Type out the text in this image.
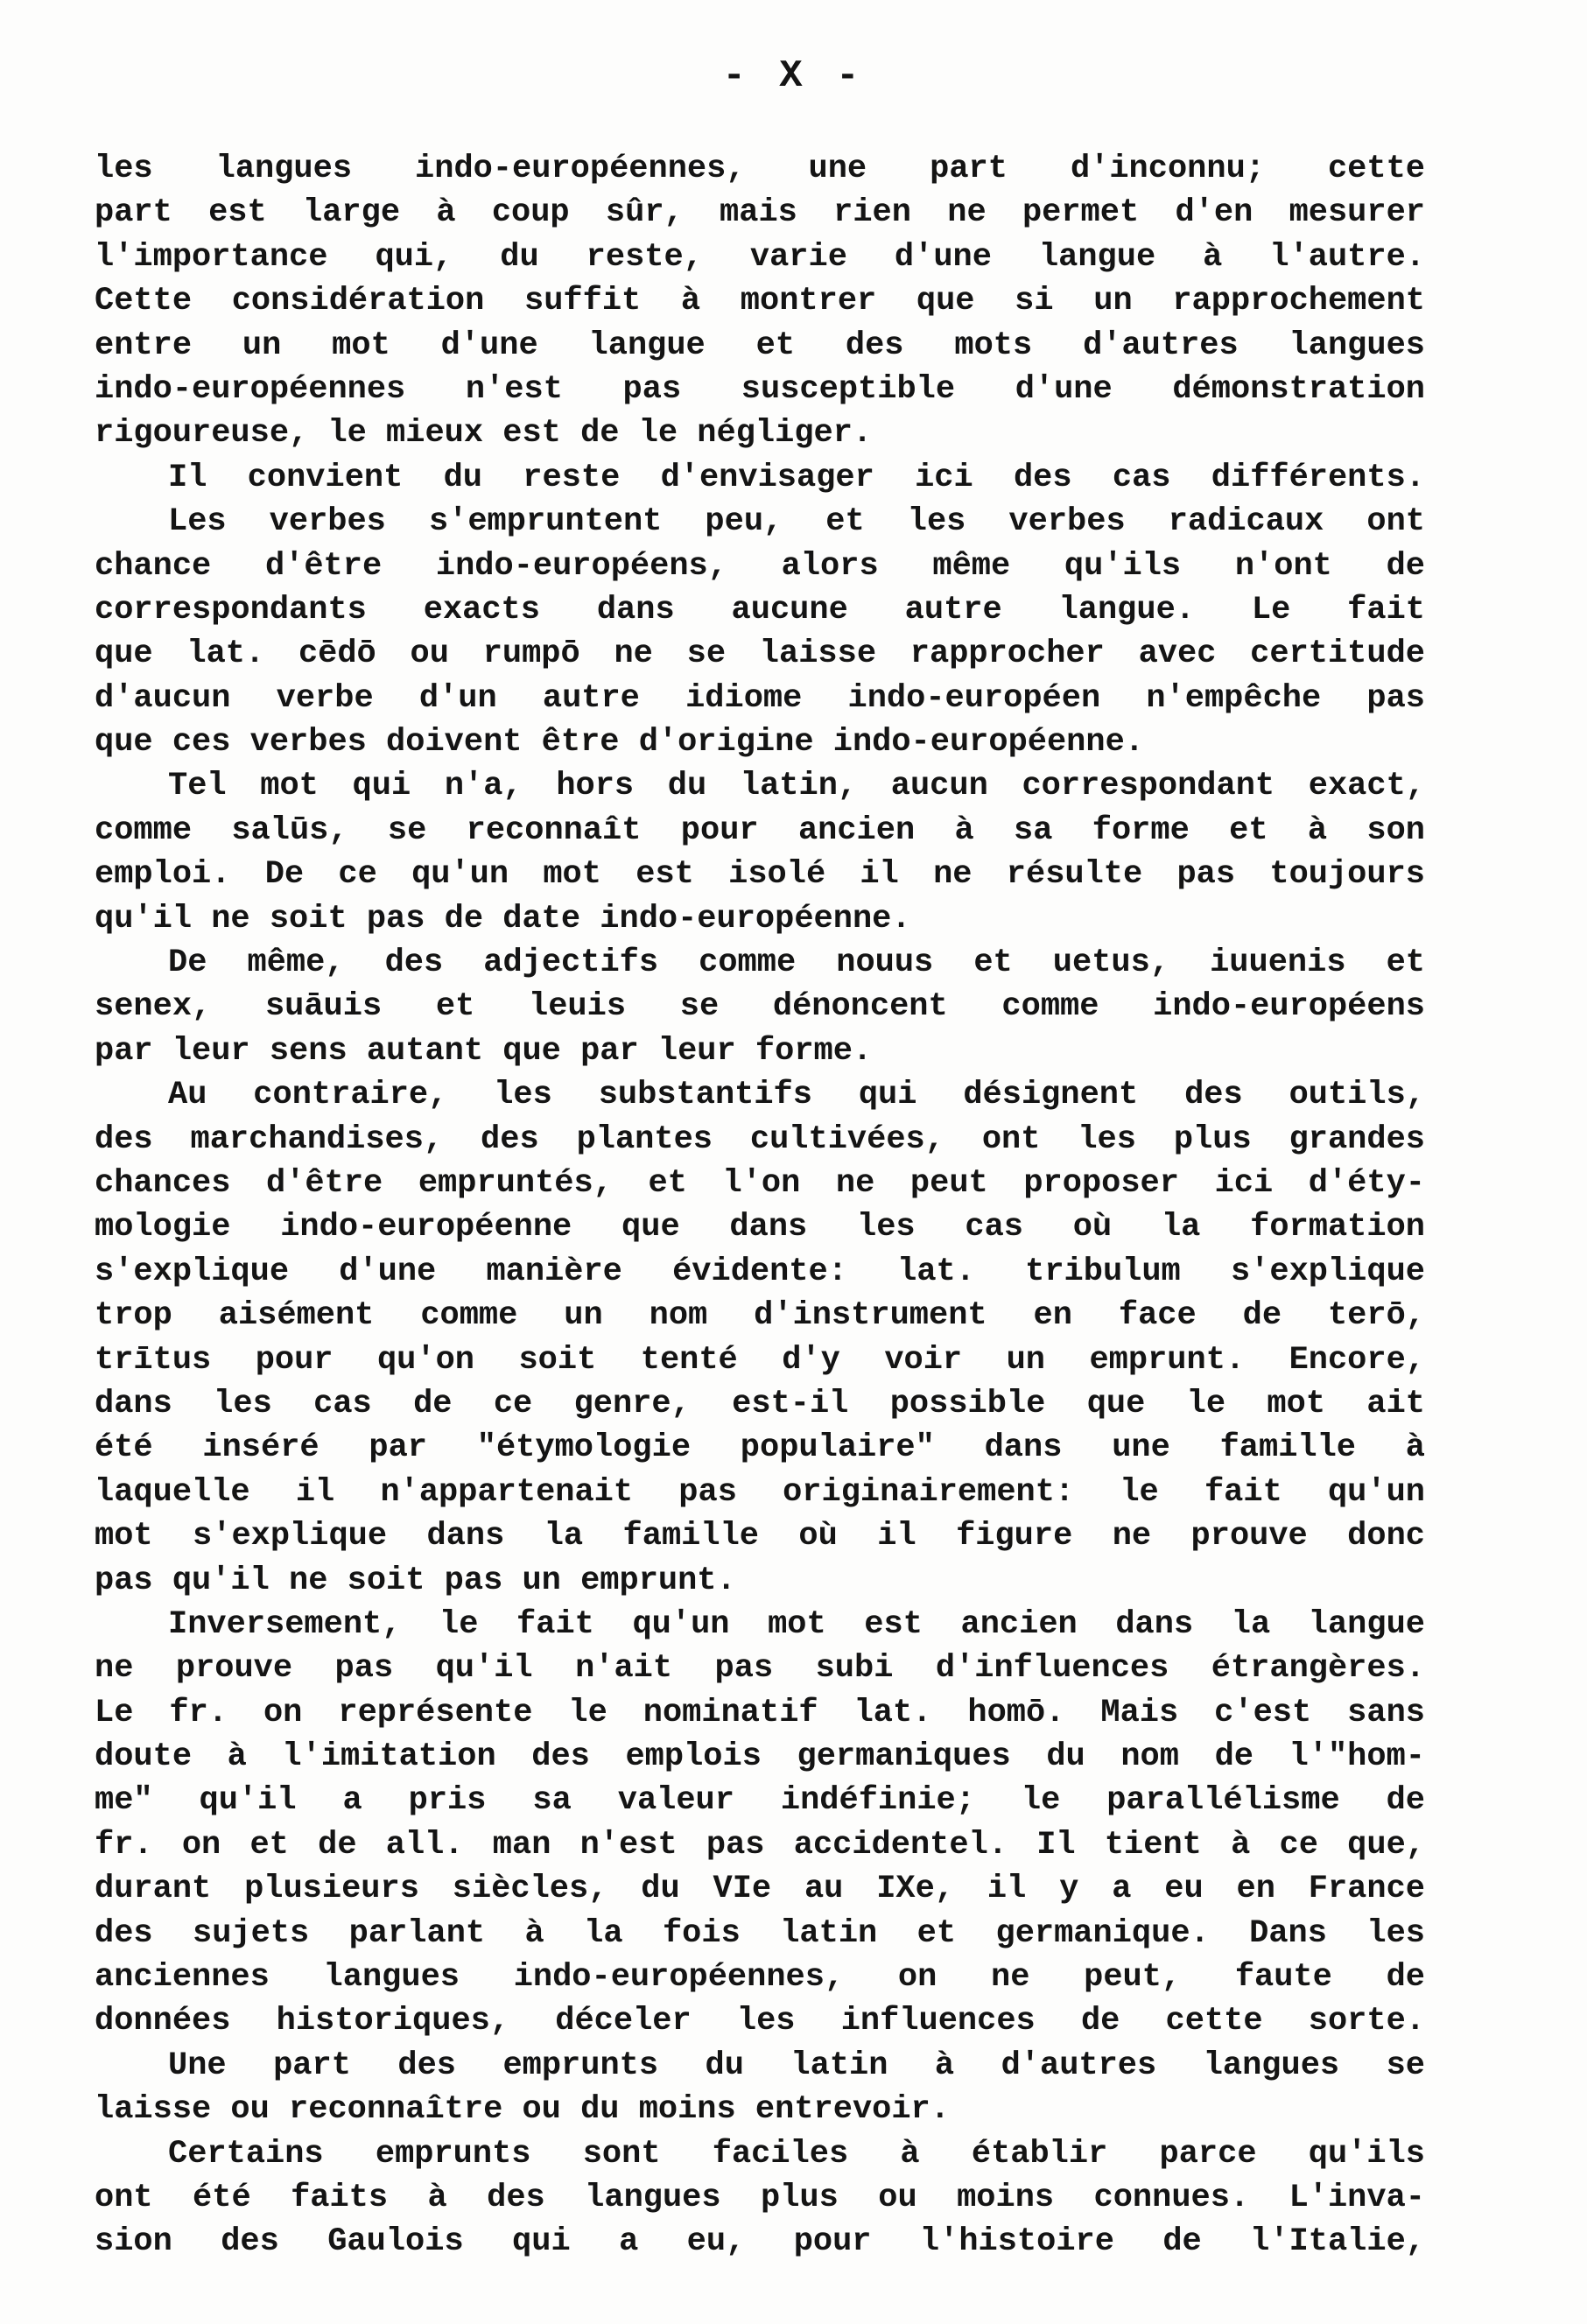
- X -
les langues indo-européennes, une part d'inconnu; cette
part est large à coup sûr, mais rien ne permet d'en mesurer
l'importance qui, du reste, varie d'une langue à l'autre.
Cette considération suffit à montrer que si un rapprochement
entre un mot d'une langue et des mots d'autres langues
indo-européennes n'est pas susceptible d'une démonstration
rigoureuse, le mieux est de le négliger.
Il convient du reste d'envisager ici des cas différents.
Les verbes s'empruntent peu, et les verbes radicaux ont
chance d'être indo-européens, alors même qu'ils n'ont de
correspondants exacts dans aucune autre langue. Le fait
que lat. cēdō ou rumpō ne se laisse rapprocher avec certitude
d'aucun verbe d'un autre idiome indo-européen n'empêche pas
que ces verbes doivent être d'origine indo-européenne.
Tel mot qui n'a, hors du latin, aucun correspondant exact,
comme salūs, se reconnaît pour ancien à sa forme et à son
emploi. De ce qu'un mot est isolé il ne résulte pas toujours
qu'il ne soit pas de date indo-européenne.
De même, des adjectifs comme nouus et uetus, iuuenis et
senex, suāuis et leuis se dénoncent comme indo-européens
par leur sens autant que par leur forme.
Au contraire, les substantifs qui désignent des outils,
des marchandises, des plantes cultivées, ont les plus grandes
chances d'être empruntés, et l'on ne peut proposer ici d'éty-
mologie indo-européenne que dans les cas où la formation
s'explique d'une manière évidente: lat. tribulum s'explique
trop aisément comme un nom d'instrument en face de terō,
trītus pour qu'on soit tenté d'y voir un emprunt. Encore,
dans les cas de ce genre, est-il possible que le mot ait
été inséré par "étymologie populaire" dans une famille à
laquelle il n'appartenait pas originairement: le fait qu'un
mot s'explique dans la famille où il figure ne prouve donc
pas qu'il ne soit pas un emprunt.
Inversement, le fait qu'un mot est ancien dans la langue
ne prouve pas qu'il n'ait pas subi d'influences étrangères.
Le fr. on représente le nominatif lat. homō. Mais c'est sans
doute à l'imitation des emplois germaniques du nom de l'"hom-
me" qu'il a pris sa valeur indéfinie; le parallélisme de
fr. on et de all. man n'est pas accidentel. Il tient à ce que,
durant plusieurs siècles, du VIe au IXe, il y a eu en France
des sujets parlant à la fois latin et germanique. Dans les
anciennes langues indo-européennes, on ne peut, faute de
données historiques, déceler les influences de cette sorte.
Une part des emprunts du latin à d'autres langues se
laisse ou reconnaître ou du moins entrevoir.
Certains emprunts sont faciles à établir parce qu'ils
ont été faits à des langues plus ou moins connues. L'inva-
sion des Gaulois qui a eu, pour l'histoire de l'Italie,
